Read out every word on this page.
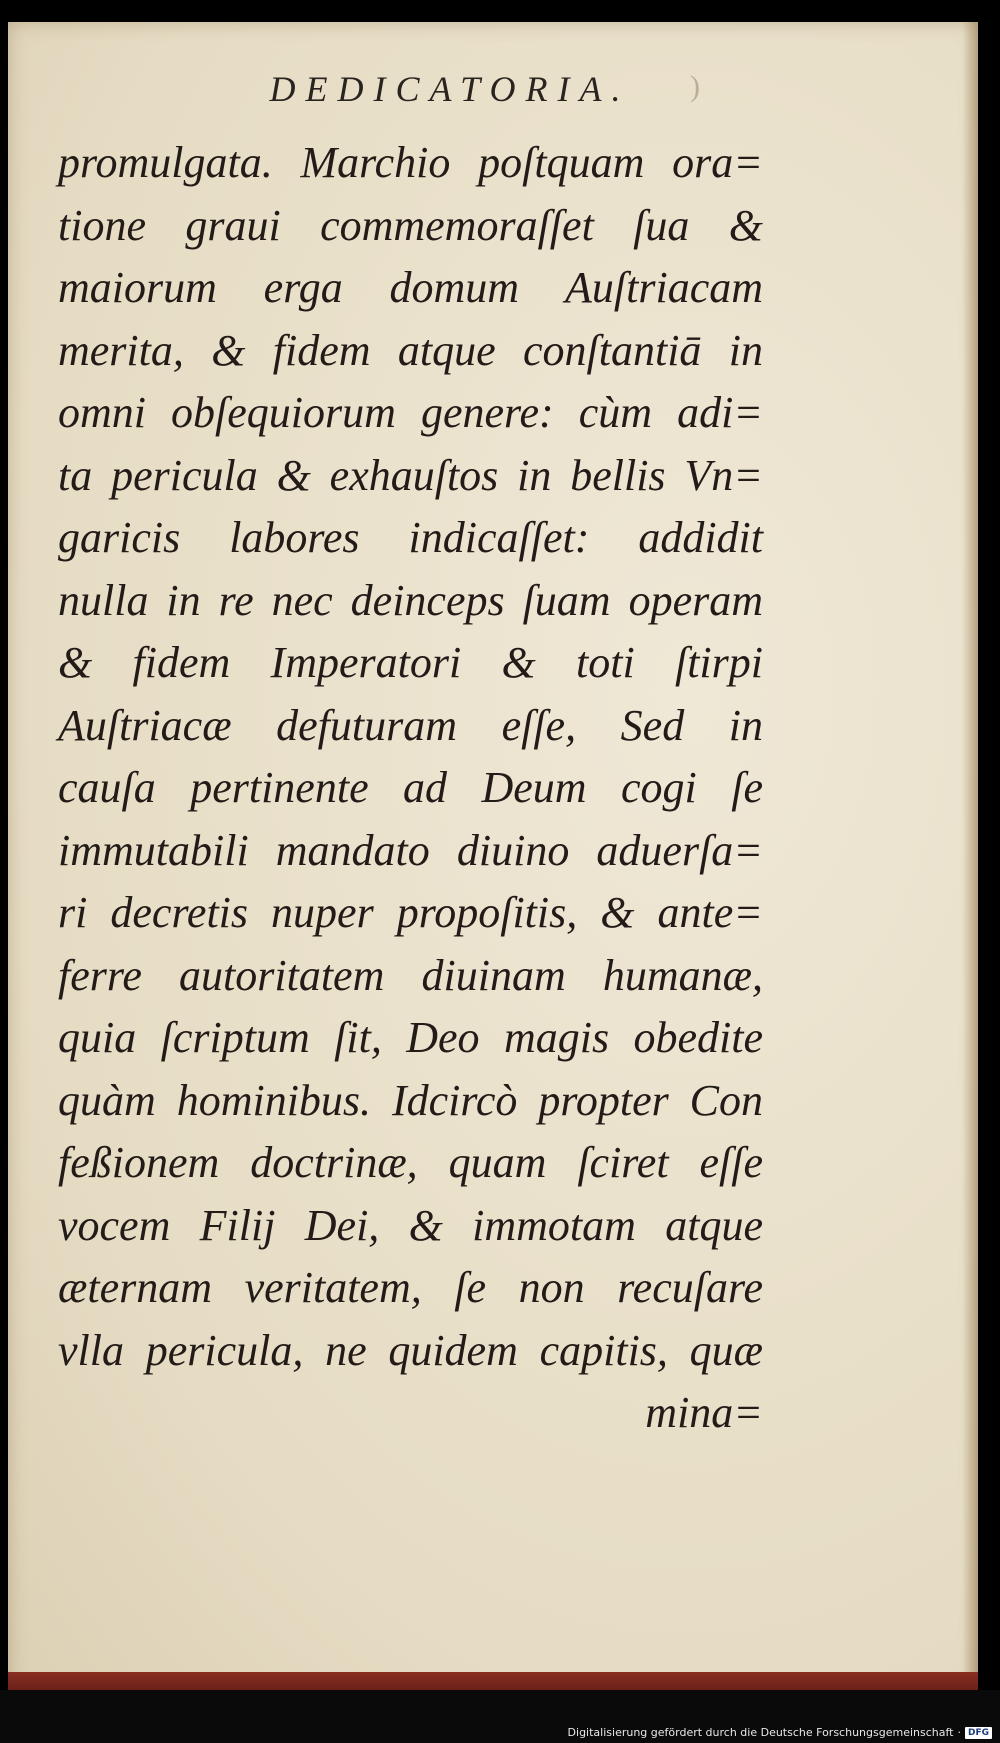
DEDICATORIA.	)
promulgata. Marchio poſtquam ora=
tione graui commemoraſſet ſua &
maiorum erga domum Auſtriacam
merita, & fidem atque conſtantiā in
omni obſequiorum genere: cùm adi=
ta pericula & exhauſtos in bellis Vn=
garicis labores indicaſſet: addidit
nulla in re nec deinceps ſuam operam
& fidem Imperatori & toti ſtirpi
Auſtriacæ defuturam eſſe, Sed in
cauſa pertinente ad Deum cogi ſe
immutabili mandato diuino aduerſa=
ri decretis nuper propoſitis, & ante=
ferre autoritatem diuinam humanæ,
quia ſcriptum ſit, Deo magis obedite
quàm hominibus. Idcircò propter Con
feßionem doctrinæ, quam ſciret eſſe
vocem Filij Dei, & immotam atque
æternam veritatem, ſe non recuſare
vlla pericula, ne quidem capitis, quæ
mina=
Digitalisierung gefördert durch die Deutsche Forschungsgemeinschaft · DFG
